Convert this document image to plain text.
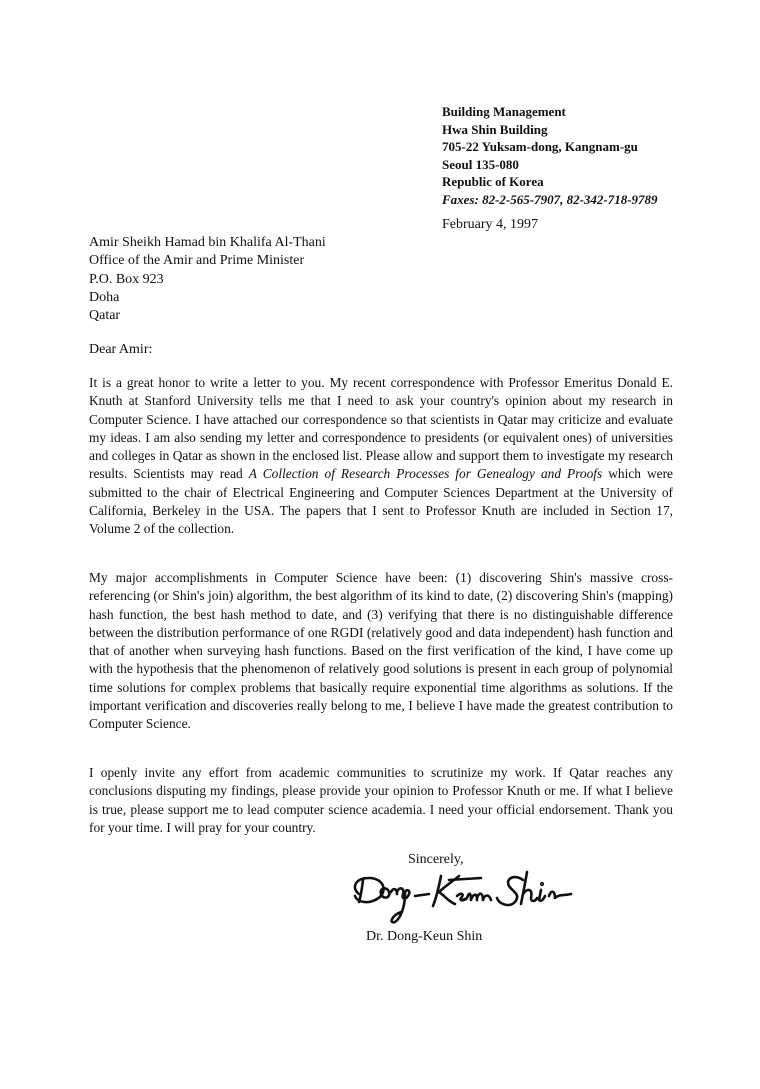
Building Management
Hwa Shin Building
705-22 Yuksam-dong, Kangnam-gu
Seoul 135-080
Republic of Korea
Faxes: 82-2-565-7907, 82-342-718-9789
February 4, 1997
Amir Sheikh Hamad bin Khalifa Al-Thani
Office of the Amir and Prime Minister
P.O. Box 923
Doha
Qatar
Dear Amir:

It is a great honor to write a letter to you. My recent correspondence with Professor Emeritus Donald E. Knuth at Stanford University tells me that I need to ask your country's opinion about my research in Computer Science. I have attached our correspondence so that scientists in Qatar may criticize and evaluate my ideas. I am also sending my letter and correspondence to presidents (or equivalent ones) of universities and colleges in Qatar as shown in the enclosed list. Please allow and support them to investigate my research results. Scientists may read A Collection of Research Processes for Genealogy and Proofs which were submitted to the chair of Electrical Engineering and Computer Sciences Department at the University of California, Berkeley in the USA. The papers that I sent to Professor Knuth are included in Section 17, Volume 2 of the collection.

My major accomplishments in Computer Science have been: (1) discovering Shin's massive cross-referencing (or Shin's join) algorithm, the best algorithm of its kind to date, (2) discovering Shin's (mapping) hash function, the best hash method to date, and (3) verifying that there is no distinguishable difference between the distribution performance of one RGDI (relatively good and data independent) hash function and that of another when surveying hash functions. Based on the first verification of the kind, I have come up with the hypothesis that the phenomenon of relatively good solutions is present in each group of polynomial time solutions for complex problems that basically require exponential time algorithms as solutions. If the important verification and discoveries really belong to me, I believe I have made the greatest contribution to Computer Science.

I openly invite any effort from academic communities to scrutinize my work. If Qatar reaches any conclusions disputing my findings, please provide your opinion to Professor Knuth or me. If what I believe is true, please support me to lead computer science academia. I need your official endorsement. Thank you for your time. I will pray for your country.

Sincerely,
Dr. Dong-Keun Shin
